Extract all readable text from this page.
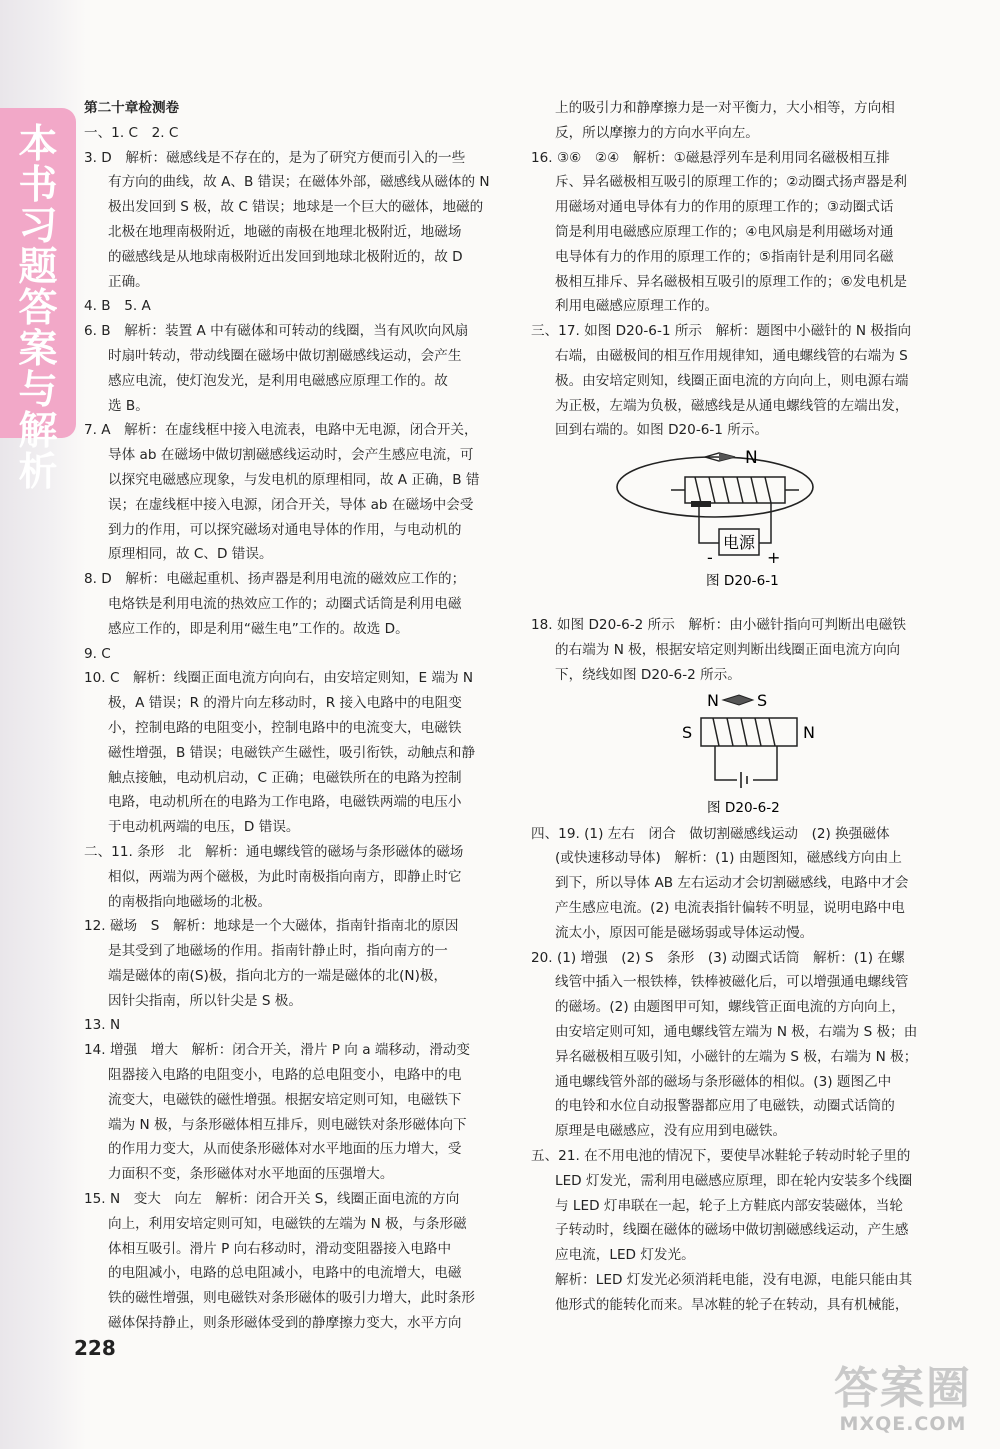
本
书
习
题
答
案
与
解
析
第二十章检测卷
一、1. C　2. C
3. D　解析：磁感线是不存在的，是为了研究方便而引入的一些
有方向的曲线，故 A、B 错误；在磁体外部，磁感线从磁体的 N
极出发回到 S 极，故 C 错误；地球是一个巨大的磁体，地磁的
北极在地理南极附近，地磁的南极在地理北极附近，地磁场
的磁感线是从地球南极附近出发回到地球北极附近的，故 D
正确。
4. B　5. A
6. B　解析：装置 A 中有磁体和可转动的线圈，当有风吹向风扇
时扇叶转动，带动线圈在磁场中做切割磁感线运动，会产生
感应电流，使灯泡发光，是利用电磁感应原理工作的。故
选 B。
7. A　解析：在虚线框中接入电流表，电路中无电源，闭合开关，
导体 ab 在磁场中做切割磁感线运动时，会产生感应电流，可
以探究电磁感应现象，与发电机的原理相同，故 A 正确，B 错
误；在虚线框中接入电源，闭合开关，导体 ab 在磁场中会受
到力的作用，可以探究磁场对通电导体的作用，与电动机的
原理相同，故 C、D 错误。
8. D　解析：电磁起重机、扬声器是利用电流的磁效应工作的；
电烙铁是利用电流的热效应工作的；动圈式话筒是利用电磁
感应工作的，即是利用“磁生电”工作的。故选 D。
9. C
10. C　解析：线圈正面电流方向向右，由安培定则知，E 端为 N
极，A 错误；R 的滑片向左移动时，R 接入电路中的电阻变
小，控制电路的电阻变小，控制电路中的电流变大，电磁铁
磁性增强，B 错误；电磁铁产生磁性，吸引衔铁，动触点和静
触点接触，电动机启动，C 正确；电磁铁所在的电路为控制
电路，电动机所在的电路为工作电路，电磁铁两端的电压小
于电动机两端的电压，D 错误。
二、11. 条形　北　解析：通电螺线管的磁场与条形磁体的磁场
相似，两端为两个磁极，为此时南极指向南方，即静止时它
的南极指向地磁场的北极。
12. 磁场　S　解析：地球是一个大磁体，指南针指南北的原因
是其受到了地磁场的作用。指南针静止时，指向南方的一
端是磁体的南(S)极，指向北方的一端是磁体的北(N)极，
因针尖指南，所以针尖是 S 极。
13. N
14. 增强　增大　解析：闭合开关，滑片 P 向 a 端移动，滑动变
阻器接入电路的电阻变小，电路的总电阻变小，电路中的电
流变大，电磁铁的磁性增强。根据安培定则可知，电磁铁下
端为 N 极，与条形磁体相互排斥，则电磁铁对条形磁体向下
的作用力变大，从而使条形磁体对水平地面的压力增大，受
力面积不变，条形磁体对水平地面的压强增大。
15. N　变大　向左　解析：闭合开关 S，线圈正面电流的方向
向上，利用安培定则可知，电磁铁的左端为 N 极，与条形磁
体相互吸引。滑片 P 向右移动时，滑动变阻器接入电路中
的电阻减小，电路的总电阻减小，电路中的电流增大，电磁
铁的磁性增强，则电磁铁对条形磁体的吸引力增大，此时条形
磁体保持静止，则条形磁体受到的静摩擦力变大，水平方向
上的吸引力和静摩擦力是一对平衡力，大小相等，方向相
反，所以摩擦力的方向水平向左。
16. ③⑥　②④　解析：①磁悬浮列车是利用同名磁极相互排
斥、异名磁极相互吸引的原理工作的；②动圈式扬声器是利
用磁场对通电导体有力的作用的原理工作的；③动圈式话
筒是利用电磁感应原理工作的；④电风扇是利用磁场对通
电导体有力的作用的原理工作的；⑤指南针是利用同名磁
极相互排斥、异名磁极相互吸引的原理工作的；⑥发电机是
利用电磁感应原理工作的。
三、17. 如图 D20-6-1 所示　解析：题图中小磁针的 N 极指向
右端，由磁极间的相互作用规律知，通电螺线管的右端为 S
极。由安培定则知，线圈正面电流的方向向上，则电源右端
为正极，左端为负极，磁感线是从通电螺线管的左端出发，
回到右端的。如图 D20-6-1 所示。
N
电源
-	+
图 D20-6-1
18. 如图 D20-6-2 所示　解析：由小磁针指向可判断出电磁铁
的右端为 N 极，根据安培定则判断出线圈正面电流方向向
下，绕线如图 D20-6-2 所示。
N S
S	N
图 D20-6-2
四、19. (1) 左右　闭合　做切割磁感线运动　(2) 换强磁体
(或快速移动导体)　解析：(1) 由题图知，磁感线方向由上
到下，所以导体 AB 左右运动才会切割磁感线，电路中才会
产生感应电流。(2) 电流表指针偏转不明显，说明电路中电
流太小，原因可能是磁场弱或导体运动慢。
20. (1) 增强　(2) S　条形　(3) 动圈式话筒　解析：(1) 在螺
线管中插入一根铁棒，铁棒被磁化后，可以增强通电螺线管
的磁场。(2) 由题图甲可知，螺线管正面电流的方向向上，
由安培定则可知，通电螺线管左端为 N 极，右端为 S 极；由
异名磁极相互吸引知，小磁针的左端为 S 极，右端为 N 极；
通电螺线管外部的磁场与条形磁体的相似。(3) 题图乙中
的电铃和水位自动报警器都应用了电磁铁，动圈式话筒的
原理是电磁感应，没有应用到电磁铁。
五、21. 在不用电池的情况下，要使旱冰鞋轮子转动时轮子里的
LED 灯发光，需利用电磁感应原理，即在轮内安装多个线圈
与 LED 灯串联在一起，轮子上方鞋底内部安装磁体，当轮
子转动时，线圈在磁体的磁场中做切割磁感线运动，产生感
应电流，LED 灯发光。
解析：LED 灯发光必须消耗电能，没有电源，电能只能由其
他形式的能转化而来。旱冰鞋的轮子在转动，具有机械能，
228
答案圈
MXQE.COM
